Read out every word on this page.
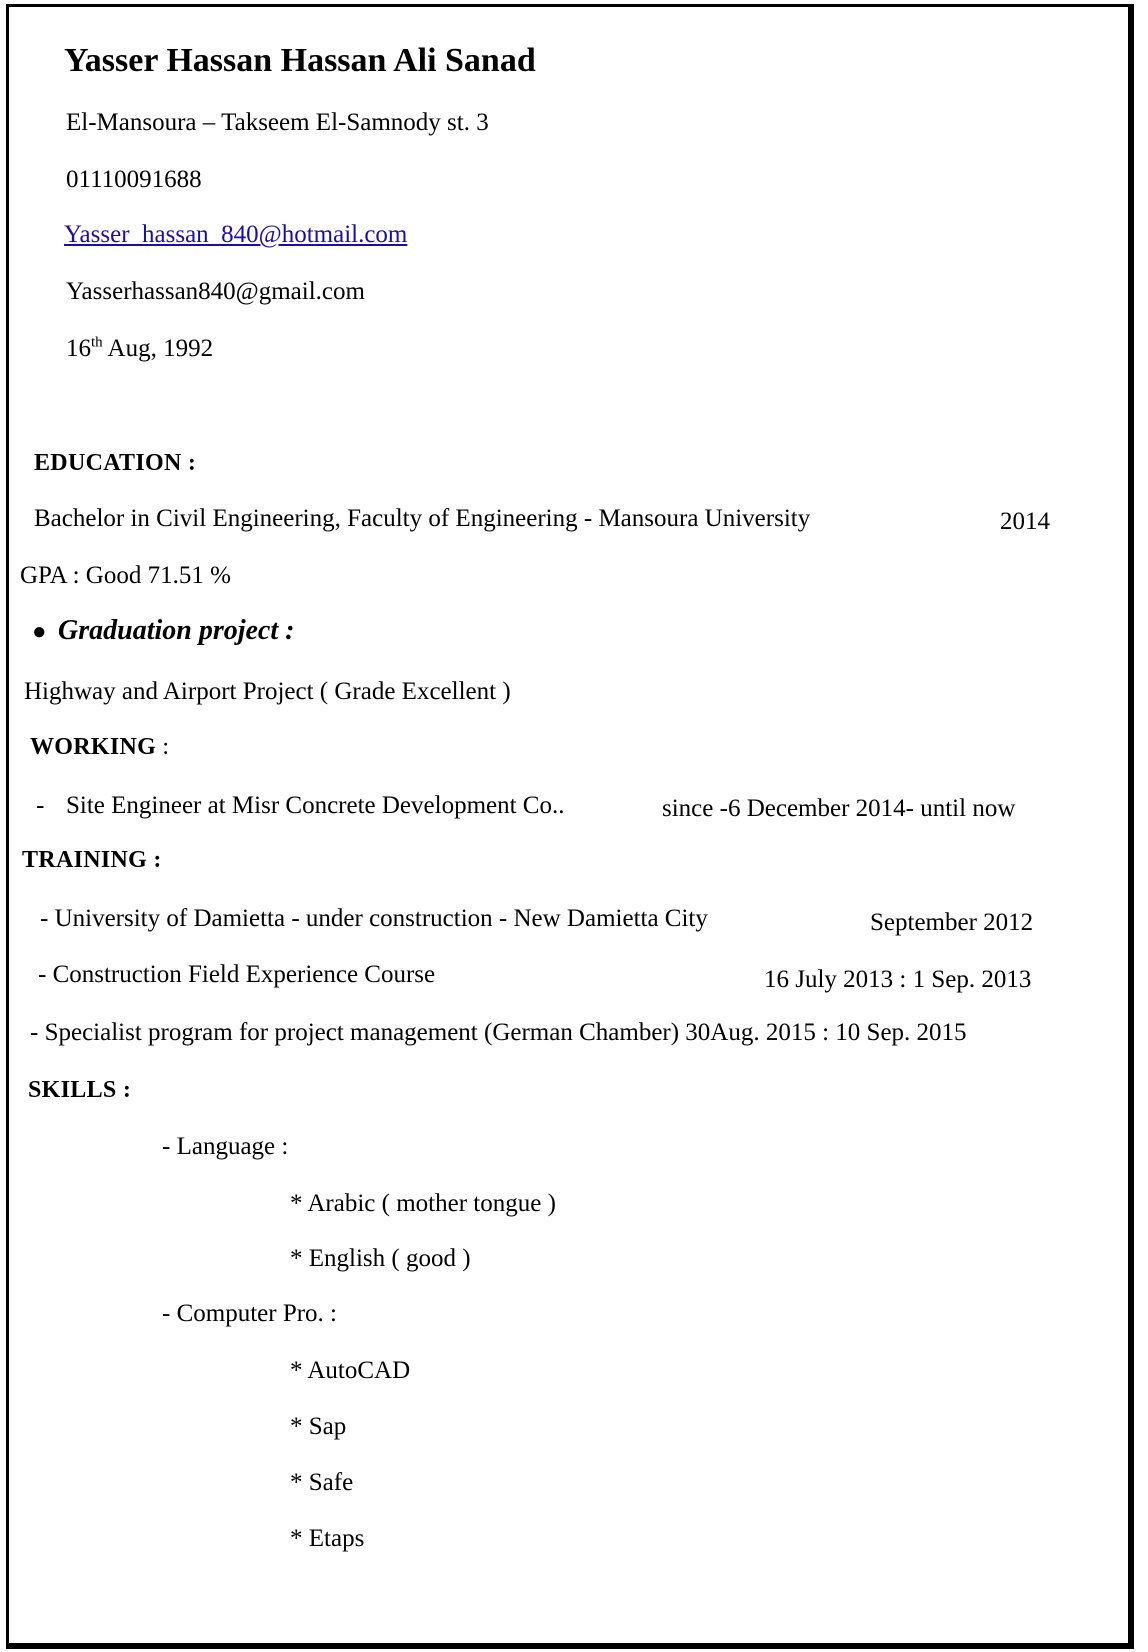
Yasser Hassan Hassan Ali Sanad
El-Mansoura – Takseem El-Samnody st. 3
01110091688
Yasser_hassan_840@hotmail.com
Yasserhassan840@gmail.com
16th Aug, 1992
EDUCATION :
Bachelor in Civil Engineering, Faculty of Engineering - Mansoura University	2014
GPA : Good 71.51 %
● Graduation project :
Highway and Airport Project ( Grade Excellent )
WORKING :
- Site Engineer at Misr Concrete Development Co..	since -6 December 2014- until now
TRAINING :
- University of Damietta - under construction - New Damietta City	September 2012
- Construction Field Experience Course	16 July 2013 : 1 Sep. 2013
- Specialist program for project management (German Chamber) 30Aug. 2015 : 10 Sep. 2015
SKILLS :
- Language :
* Arabic ( mother tongue )
* English ( good )
- Computer Pro. :
* AutoCAD
* Sap
* Safe
* Etaps
